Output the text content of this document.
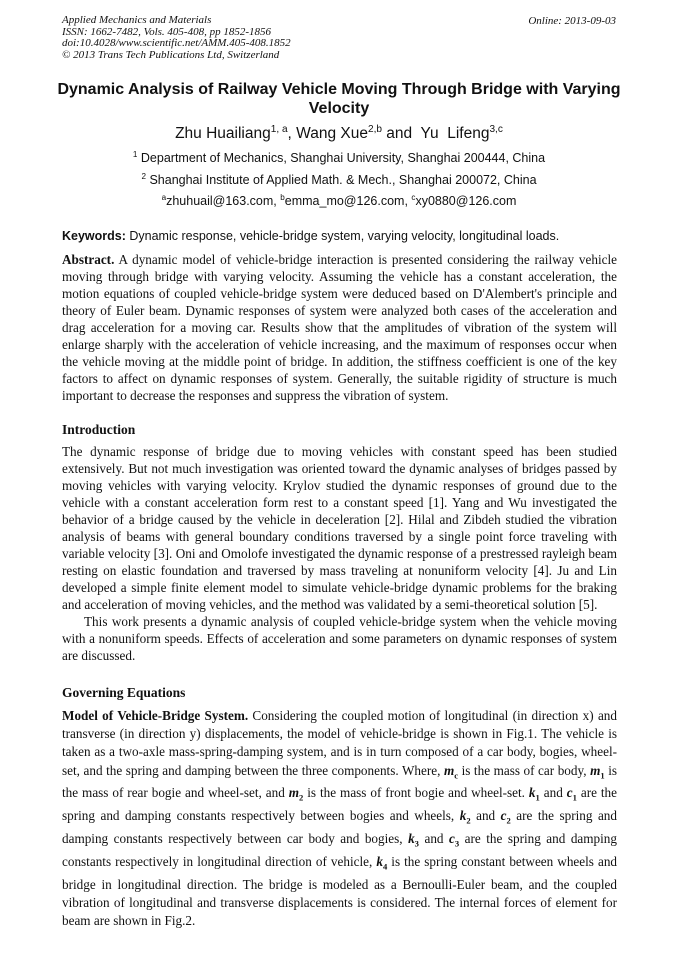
Applied Mechanics and Materials
ISSN: 1662-7482, Vols. 405-408, pp 1852-1856
doi:10.4028/www.scientific.net/AMM.405-408.1852
© 2013 Trans Tech Publications Ltd, Switzerland
Online: 2013-09-03
Dynamic Analysis of Railway Vehicle Moving Through Bridge with Varying Velocity
Zhu Huailiang$^{1, a}$, Wang Xue$^{2,b}$ and  Yu  Lifeng$^{3,c}$
$^1$ Department of Mechanics, Shanghai University, Shanghai 200444, China
$^2$ Shanghai Institute of Applied Math. & Mech., Shanghai 200072, China
$^a$zhuhuail@163.com, $^b$emma_mo@126.com, $^c$xy0880@126.com
Keywords: Dynamic response, vehicle-bridge system, varying velocity, longitudinal loads.

Abstract. A dynamic model of vehicle-bridge interaction is presented considering the railway vehicle moving through bridge with varying velocity. Assuming the vehicle has a constant acceleration, the motion equations of coupled vehicle-bridge system were deduced based on D'Alembert's principle and theory of Euler beam. Dynamic responses of system were analyzed both cases of the acceleration and drag acceleration for a moving car. Results show that the amplitudes of vibration of the system will enlarge sharply with the acceleration of vehicle increasing, and the maximum of responses occur when the vehicle moving at the middle point of bridge. In addition, the stiffness coefficient is one of the key factors to affect on dynamic responses of system. Generally, the suitable rigidity of structure is much important to decrease the responses and suppress the vibration of system.

Introduction

The dynamic response of bridge due to moving vehicles with constant speed has been studied extensively. But not much investigation was oriented toward the dynamic analyses of bridges passed by moving vehicles with varying velocity. Krylov studied the dynamic responses of ground due to the vehicle with a constant acceleration form rest to a constant speed [1]. Yang and Wu investigated the behavior of a bridge caused by the vehicle in deceleration [2]. Hilal and Zibdeh studied the vibration analysis of beams with general boundary conditions traversed by a single point force traveling with variable velocity [3]. Oni and Omolofe investigated the dynamic response of a prestressed rayleigh beam resting on elastic foundation and traversed by mass traveling at nonuniform velocity [4]. Ju and Lin developed a simple finite element model to simulate vehicle-bridge dynamic problems for the braking and acceleration of moving vehicles, and the method was validated by a semi-theoretical solution [5].

This work presents a dynamic analysis of coupled vehicle-bridge system when the vehicle moving with a nonuniform speeds. Effects of acceleration and some parameters on dynamic responses of system are discussed.

Governing Equations

Model of Vehicle-Bridge System. Considering the coupled motion of longitudinal (in direction x) and transverse (in direction y) displacements, the model of vehicle-bridge is shown in Fig.1. The vehicle is taken as a two-axle mass-spring-damping system, and is in turn composed of a car body, bogies, wheel-set, and the spring and damping between the three components. Where, $m_c$ is the mass of car body, $m_1$ is the mass of rear bogie and wheel-set, and $m_2$ is the mass of front bogie and wheel-set. $k_1$ and $c_1$ are the spring and damping constants respectively between bogies and wheels, $k_2$ and $c_2$ are the spring and damping constants respectively between car body and bogies, $k_3$ and $c_3$ are the spring and damping constants respectively in longitudinal direction of vehicle, $k_4$ is the spring constant between wheels and bridge in longitudinal direction. The bridge is modeled as a Bernoulli-Euler beam, and the coupled vibration of longitudinal and transverse displacements is considered. The internal forces of element for beam are shown in Fig.2.
